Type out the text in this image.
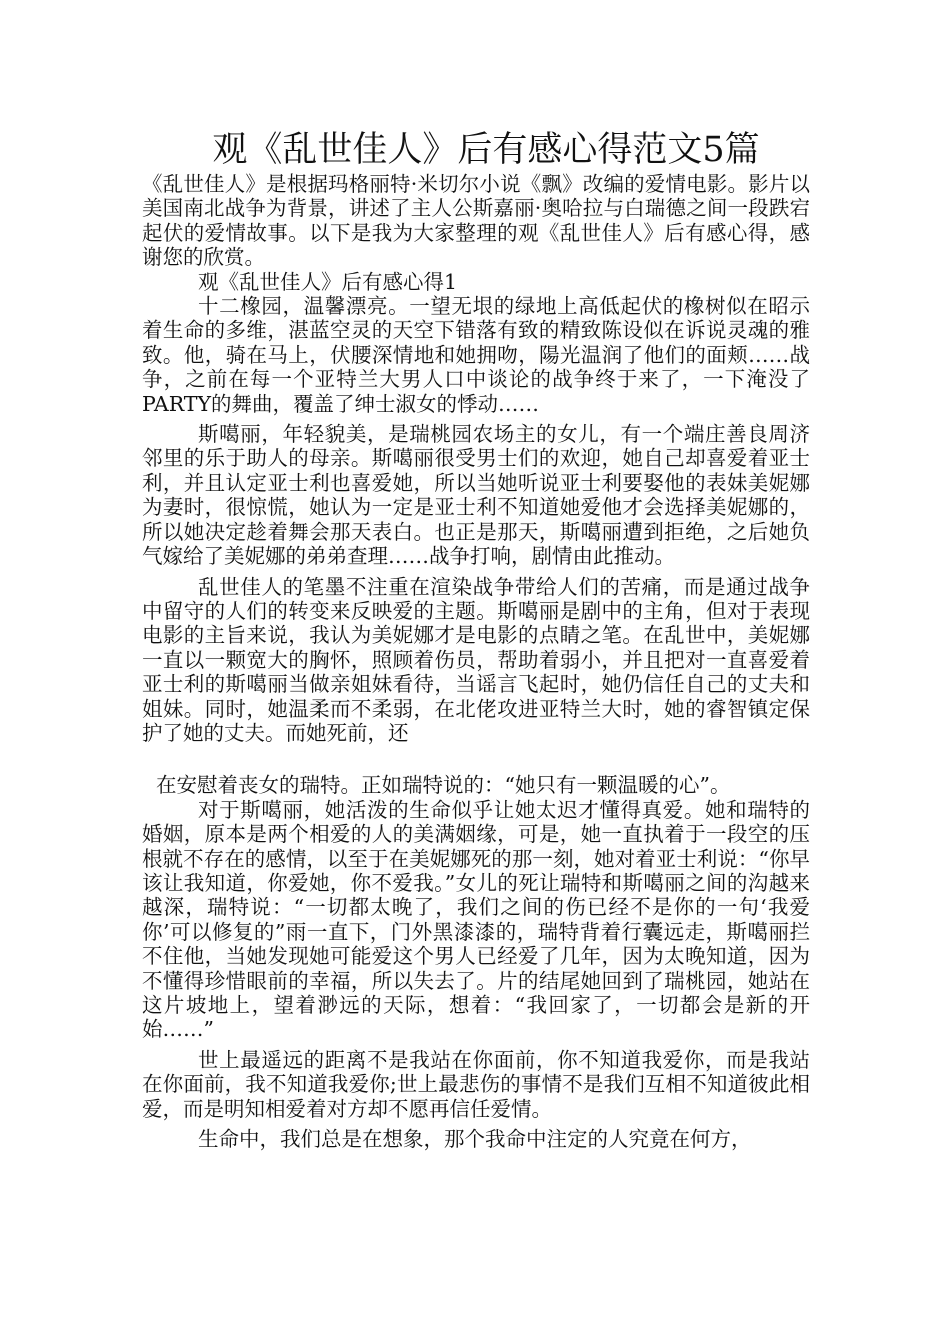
观《乱世佳人》后有感心得范文5篇

《乱世佳人》是根据玛格丽特·米切尔小说《飘》改编的爱情电影。影片以美国南北战争为背景，讲述了主人公斯嘉丽·奥哈拉与白瑞德之间一段跌宕起伏的爱情故事。以下是我为大家整理的观《乱世佳人》后有感心得，感谢您的欣赏。

观《乱世佳人》后有感心得1

十二橡园，温馨漂亮。一望无垠的绿地上高低起伏的橡树似在昭示着生命的多维，湛蓝空灵的天空下错落有致的精致陈设似在诉说灵魂的雅致。他，骑在马上，伏腰深情地和她拥吻，陽光温润了他们的面颊……战争，之前在每一个亚特兰大男人口中谈论的战争终于来了，一下淹没了PARTY的舞曲，覆盖了绅士淑女的悸动……

斯噶丽，年轻貌美，是瑞桃园农场主的女儿，有一个端庄善良周济邻里的乐于助人的母亲。斯噶丽很受男士们的欢迎，她自己却喜爱着亚士利，并且认定亚士利也喜爱她，所以当她听说亚士利要娶他的表妹美妮娜为妻时，很惊慌，她认为一定是亚士利不知道她爱他才会选择美妮娜的，所以她决定趁着舞会那天表白。也正是那天，斯噶丽遭到拒绝，之后她负气嫁给了美妮娜的弟弟查理……战争打响，剧情由此推动。

乱世佳人的笔墨不注重在渲染战争带给人们的苦痛，而是通过战争中留守的人们的转变来反映爱的主题。斯噶丽是剧中的主角，但对于表现电影的主旨来说，我认为美妮娜才是电影的点睛之笔。在乱世中，美妮娜一直以一颗宽大的胸怀，照顾着伤员，帮助着弱小，并且把对一直喜爱着亚士利的斯噶丽当做亲姐妹看待，当谣言飞起时，她仍信任自己的丈夫和姐妹。同时，她温柔而不柔弱，在北佬攻进亚特兰大时，她的睿智镇定保护了她的丈夫。而她死前，还

在安慰着丧女的瑞特。正如瑞特说的：“她只有一颗温暖的心”。

对于斯噶丽，她活泼的生命似乎让她太迟才懂得真爱。她和瑞特的婚姻，原本是两个相爱的人的美满姻缘，可是，她一直执着于一段空的压根就不存在的感情，以至于在美妮娜死的那一刻，她对着亚士利说：“你早该让我知道，你爱她，你不爱我。”女儿的死让瑞特和斯噶丽之间的沟越来越深，瑞特说：“一切都太晚了，我们之间的伤已经不是你的一句‘我爱你’可以修复的”雨一直下，门外黑漆漆的，瑞特背着行囊远走，斯噶丽拦不住他，当她发现她可能爱这个男人已经爱了几年，因为太晚知道，因为不懂得珍惜眼前的幸福，所以失去了。片的结尾她回到了瑞桃园，她站在这片坡地上，望着渺远的天际，想着：“我回家了，一切都会是新的开始……”

世上最遥远的距离不是我站在你面前，你不知道我爱你，而是我站在你面前，我不知道我爱你;世上最悲伤的事情不是我们互相不知道彼此相爱，而是明知相爱着对方却不愿再信任爱情。

生命中，我们总是在想象，那个我命中注定的人究竟在何方，
